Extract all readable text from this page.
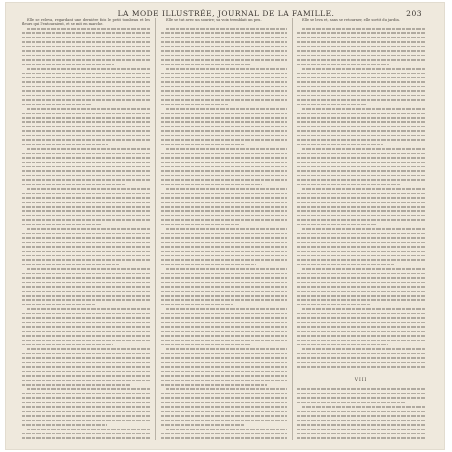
LA MODE ILLUSTRÉE, JOURNAL DE LA FAMILLE.	203

Elle se releva, regardant une dernière fois le petit tombeau et les fleurs qui l'entouraient, et se mit en marche.

Elle se tut avec un sourire; sa voix tremblait un peu.	Elle se leva et, sans se retourner, elle sortit du jardin.

VIII
